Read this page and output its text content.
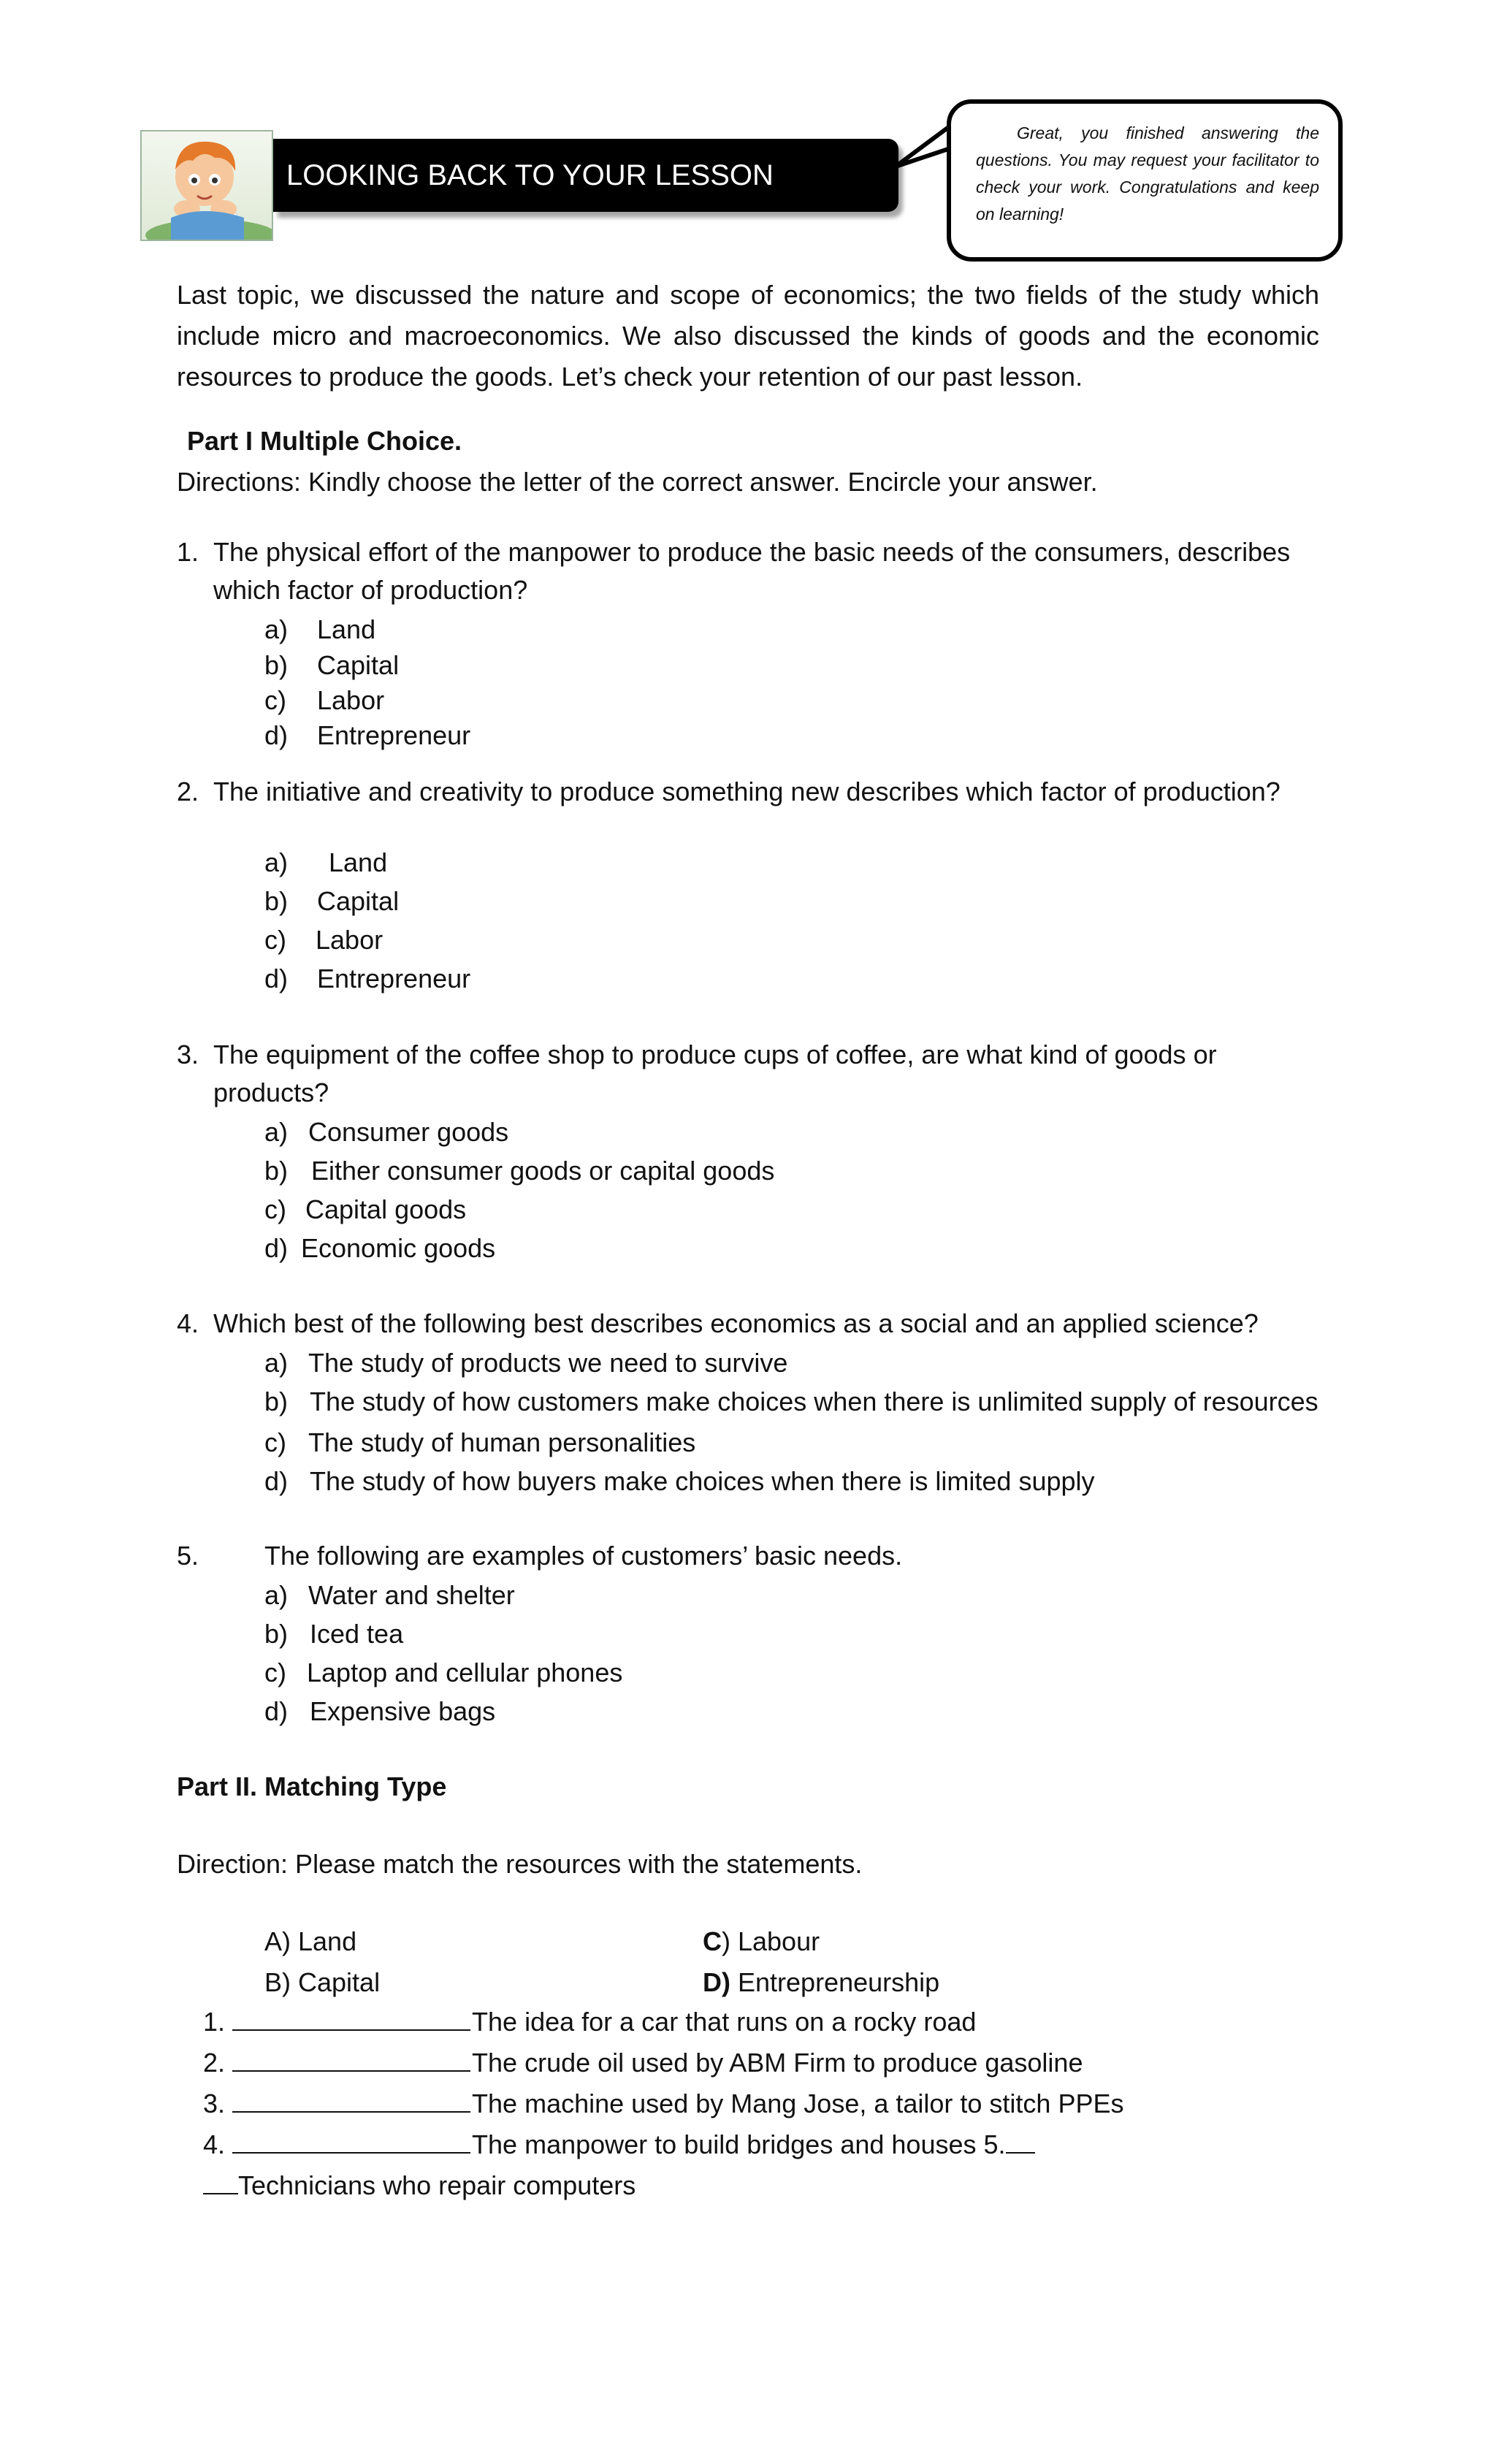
LOOKING BACK TO YOUR LESSON
Great, you finished answering the questions. You may request your facilitator to check your work. Congratulations and keep on learning!
Last topic, we discussed the nature and scope of economics; the two fields of the study which include micro and macroeconomics. We also discussed the kinds of goods and the economic resources to produce the goods. Let’s check your retention of our past lesson.
Part I Multiple Choice.
Directions: Kindly choose the letter of the correct answer. Encircle your answer.
1. The physical effort of the manpower to produce the basic needs of the consumers, describes
which factor of production?
a) Land
b) Capital
c) Labor
d) Entrepreneur
2. The initiative and creativity to produce something new describes which factor of production?
a) Land
b) Capital
c) Labor
d) Entrepreneur
3. The equipment of the coffee shop to produce cups of coffee, are what kind of goods or
products?
a) Consumer goods
b) Either consumer goods or capital goods
c) Capital goods
d) Economic goods
4. Which best of the following best describes economics as a social and an applied science?
a) The study of products we need to survive
b) The study of how customers make choices when there is unlimited supply of resources
c) The study of human personalities
d) The study of how buyers make choices when there is limited supply
5. The following are examples of customers’ basic needs.
a) Water and shelter
b) Iced tea
c) Laptop and cellular phones
d) Expensive bags
Part II. Matching Type
Direction: Please match the resources with the statements.
A) Land
B) Capital
C) Labour
D) Entrepreneurship
1.	The idea for a car that runs on a rocky road
2.	The crude oil used by ABM Firm to produce gasoline
3.	The machine used by Mang Jose, a tailor to stitch PPEs
4.	The manpower to build bridges and houses 5.
Technicians who repair computers
